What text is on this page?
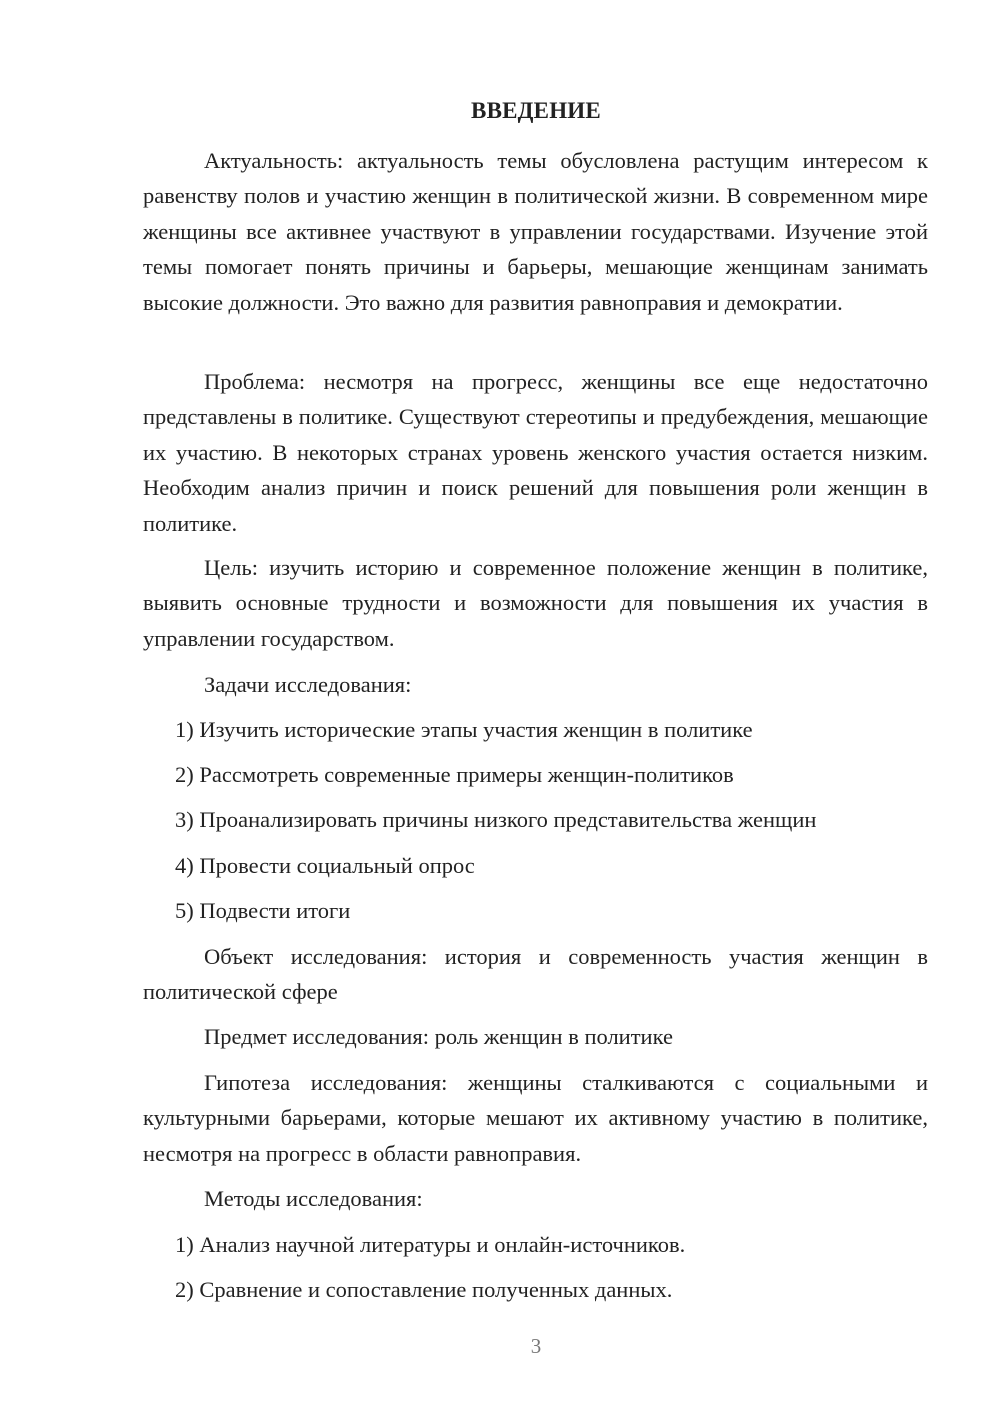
ВВЕДЕНИЕ

Актуальность: актуальность темы обусловлена растущим интересом к равенству полов и участию женщин в политической жизни. В современном мире женщины все активнее участвуют в управлении государствами. Изучение этой темы помогает понять причины и барьеры, мешающие женщинам занимать высокие должности. Это важно для развития равноправия и демократии.

Проблема: несмотря на прогресс, женщины все еще недостаточно представлены в политике. Существуют стереотипы и предубеждения, мешающие их участию. В некоторых странах уровень женского участия остается низким. Необходим анализ причин и поиск решений для повышения роли женщин в политике.

Цель: изучить историю и современное положение женщин в политике, выявить основные трудности и возможности для повышения их участия в управлении государством.

Задачи исследования:

1) Изучить исторические этапы участия женщин в политике

2) Рассмотреть современные примеры женщин-политиков

3) Проанализировать причины низкого представительства женщин

4) Провести социальный опрос

5) Подвести итоги

Объект исследования: история и современность участия женщин в политической сфере

Предмет исследования: роль женщин в политике

Гипотеза исследования: женщины сталкиваются с социальными и культурными барьерами, которые мешают их активному участию в политике, несмотря на прогресс в области равноправия.

Методы исследования:

1) Анализ научной литературы и онлайн-источников.

2) Сравнение и сопоставление полученных данных.

3
